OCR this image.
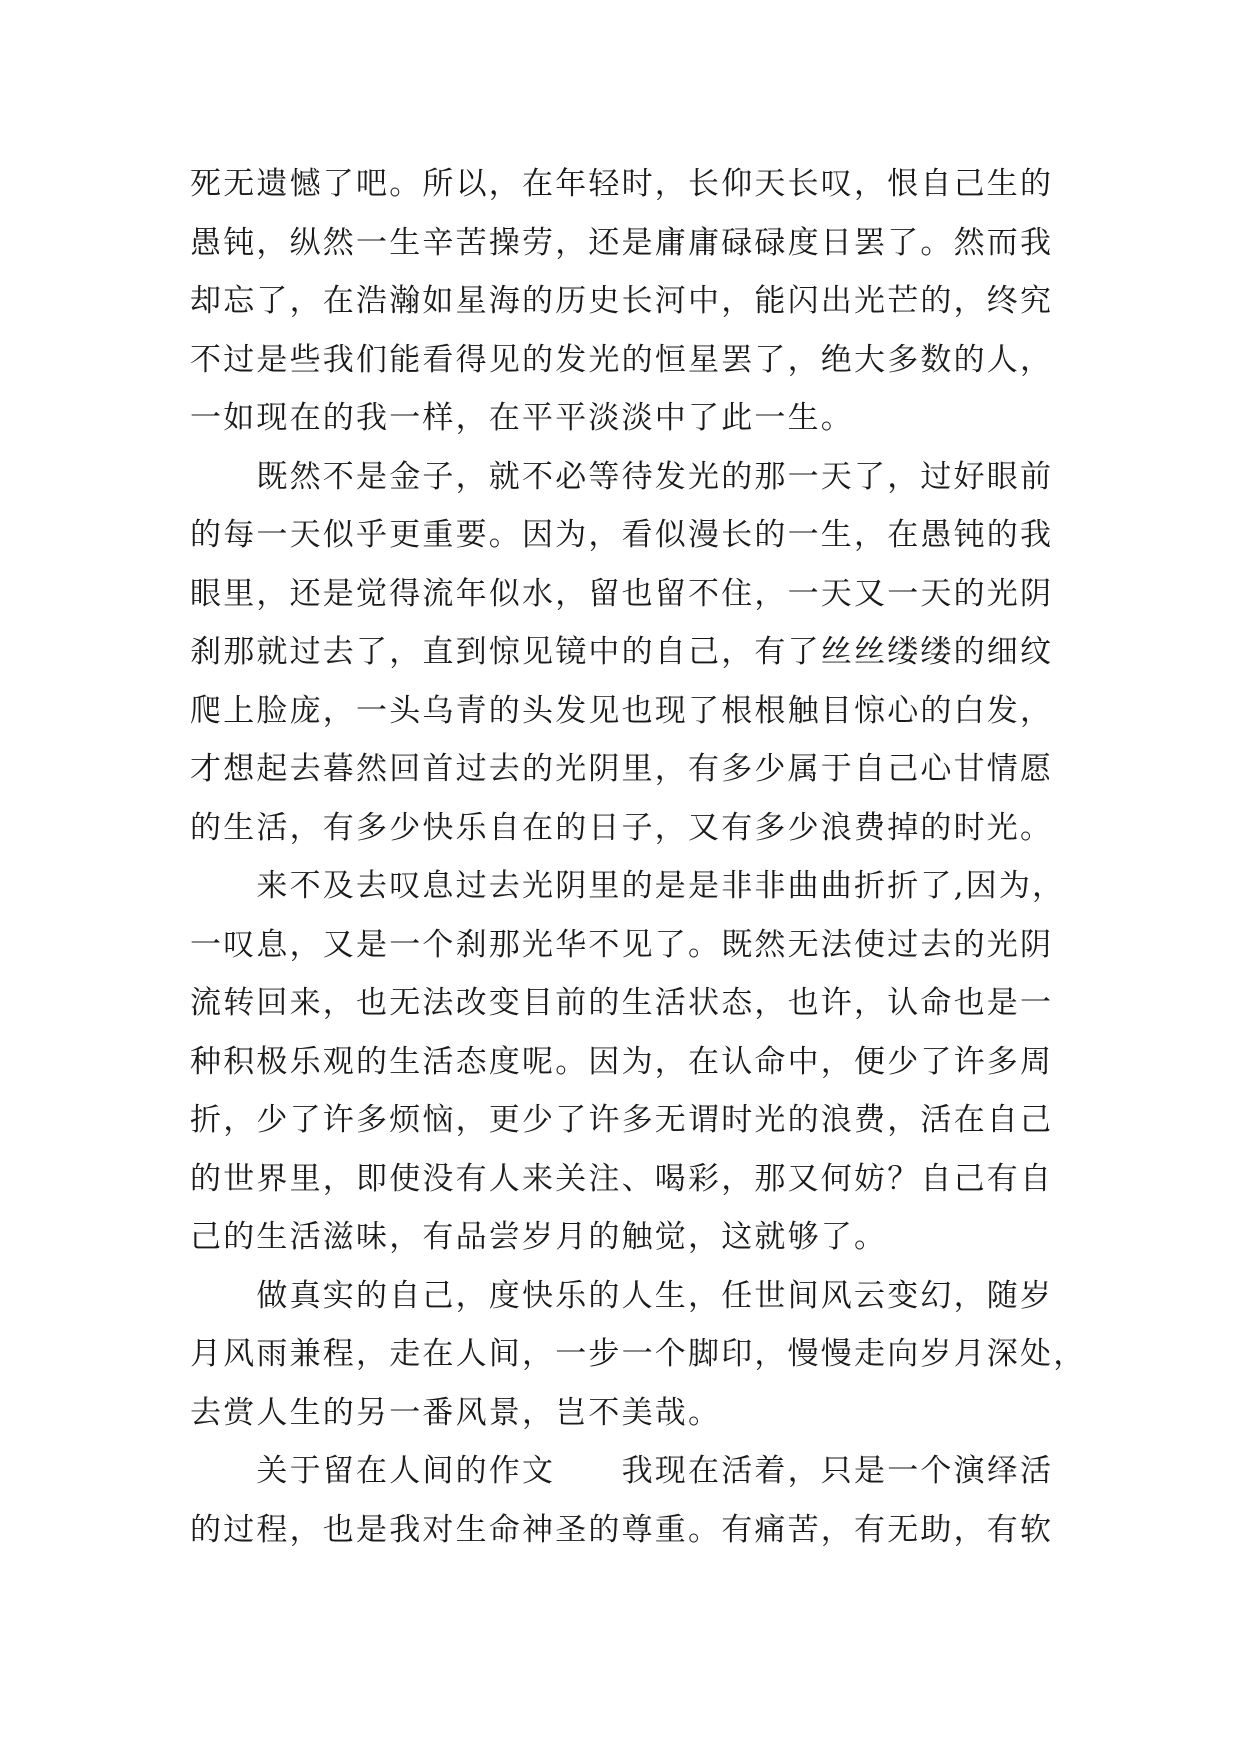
死无遗憾了吧。所以，在年轻时，长仰天长叹，恨自己生的
愚钝，纵然一生辛苦操劳，还是庸庸碌碌度日罢了。然而我
却忘了，在浩瀚如星海的历史长河中，能闪出光芒的，终究
不过是些我们能看得见的发光的恒星罢了，绝大多数的人，
一如现在的我一样，在平平淡淡中了此一生。
　　既然不是金子，就不必等待发光的那一天了，过好眼前
的每一天似乎更重要。因为，看似漫长的一生，在愚钝的我
眼里，还是觉得流年似水，留也留不住，一天又一天的光阴
刹那就过去了，直到惊见镜中的自己，有了丝丝缕缕的细纹
爬上脸庞，一头乌青的头发见也现了根根触目惊心的白发，
才想起去暮然回首过去的光阴里，有多少属于自己心甘情愿
的生活，有多少快乐自在的日子，又有多少浪费掉的时光。
　　来不及去叹息过去光阴里的是是非非曲曲折折了,因为，
一叹息，又是一个刹那光华不见了。既然无法使过去的光阴
流转回来，也无法改变目前的生活状态，也许，认命也是一
种积极乐观的生活态度呢。因为，在认命中，便少了许多周
折，少了许多烦恼，更少了许多无谓时光的浪费，活在自己
的世界里，即使没有人来关注、喝彩，那又何妨？自己有自
己的生活滋味，有品尝岁月的触觉，这就够了。
　　做真实的自己，度快乐的人生，任世间风云变幻，随岁
月风雨兼程，走在人间，一步一个脚印，慢慢走向岁月深处，
去赏人生的另一番风景，岂不美哉。
　　关于留在人间的作文　　我现在活着，只是一个演绎活
的过程，也是我对生命神圣的尊重。有痛苦，有无助，有软
